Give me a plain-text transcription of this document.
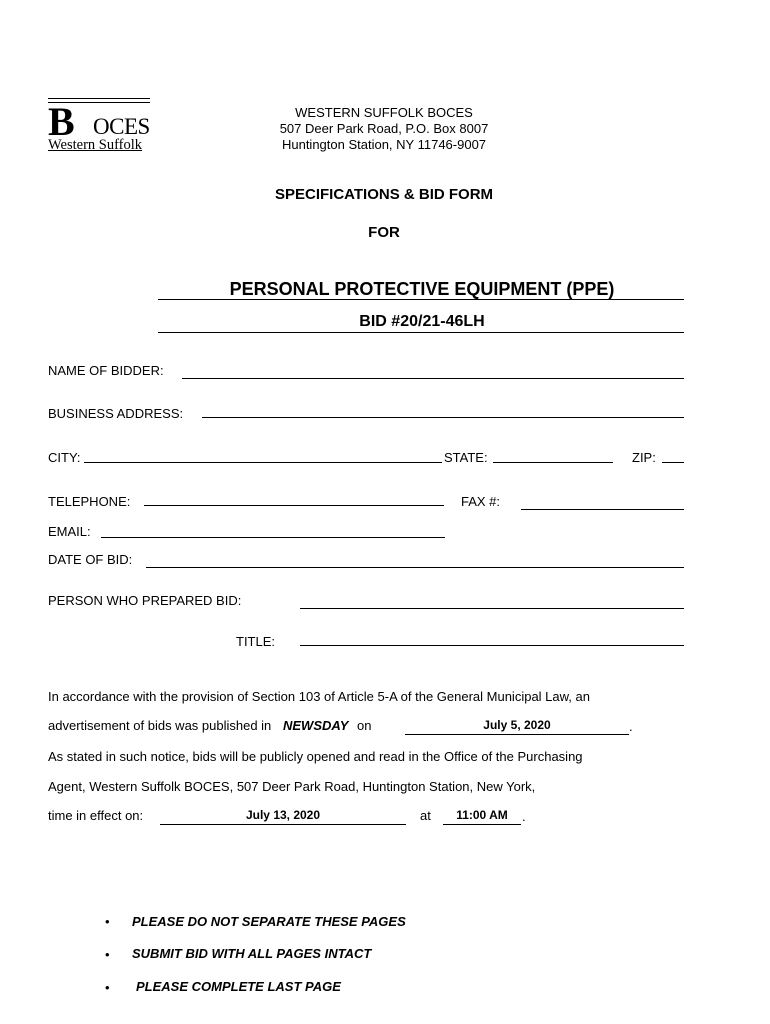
B OCES
Western Suffolk
WESTERN SUFFOLK BOCES
507 Deer Park Road, P.O. Box 8007
Huntington Station, NY 11746-9007
SPECIFICATIONS & BID FORM
FOR
PERSONAL PROTECTIVE EQUIPMENT (PPE)
BID #20/21-46LH
NAME OF BIDDER:
BUSINESS ADDRESS:
CITY:	STATE:	ZIP:
TELEPHONE:	FAX #:
EMAIL:
DATE OF BID:
PERSON WHO PREPARED BID:
TITLE:
In accordance with the provision of Section 103 of Article 5-A of the General Municipal Law, an
advertisement of bids was published in NEWSDAY on	July 5, 2020	.
As stated in such notice, bids will be publicly opened and read in the Office of the Purchasing
Agent, Western Suffolk BOCES, 507 Deer Park Road, Huntington Station, New York,
time in effect on:	July 13, 2020	at	11:00 AM	.
• PLEASE DO NOT SEPARATE THESE PAGES
• SUBMIT BID WITH ALL PAGES INTACT
• PLEASE COMPLETE LAST PAGE
